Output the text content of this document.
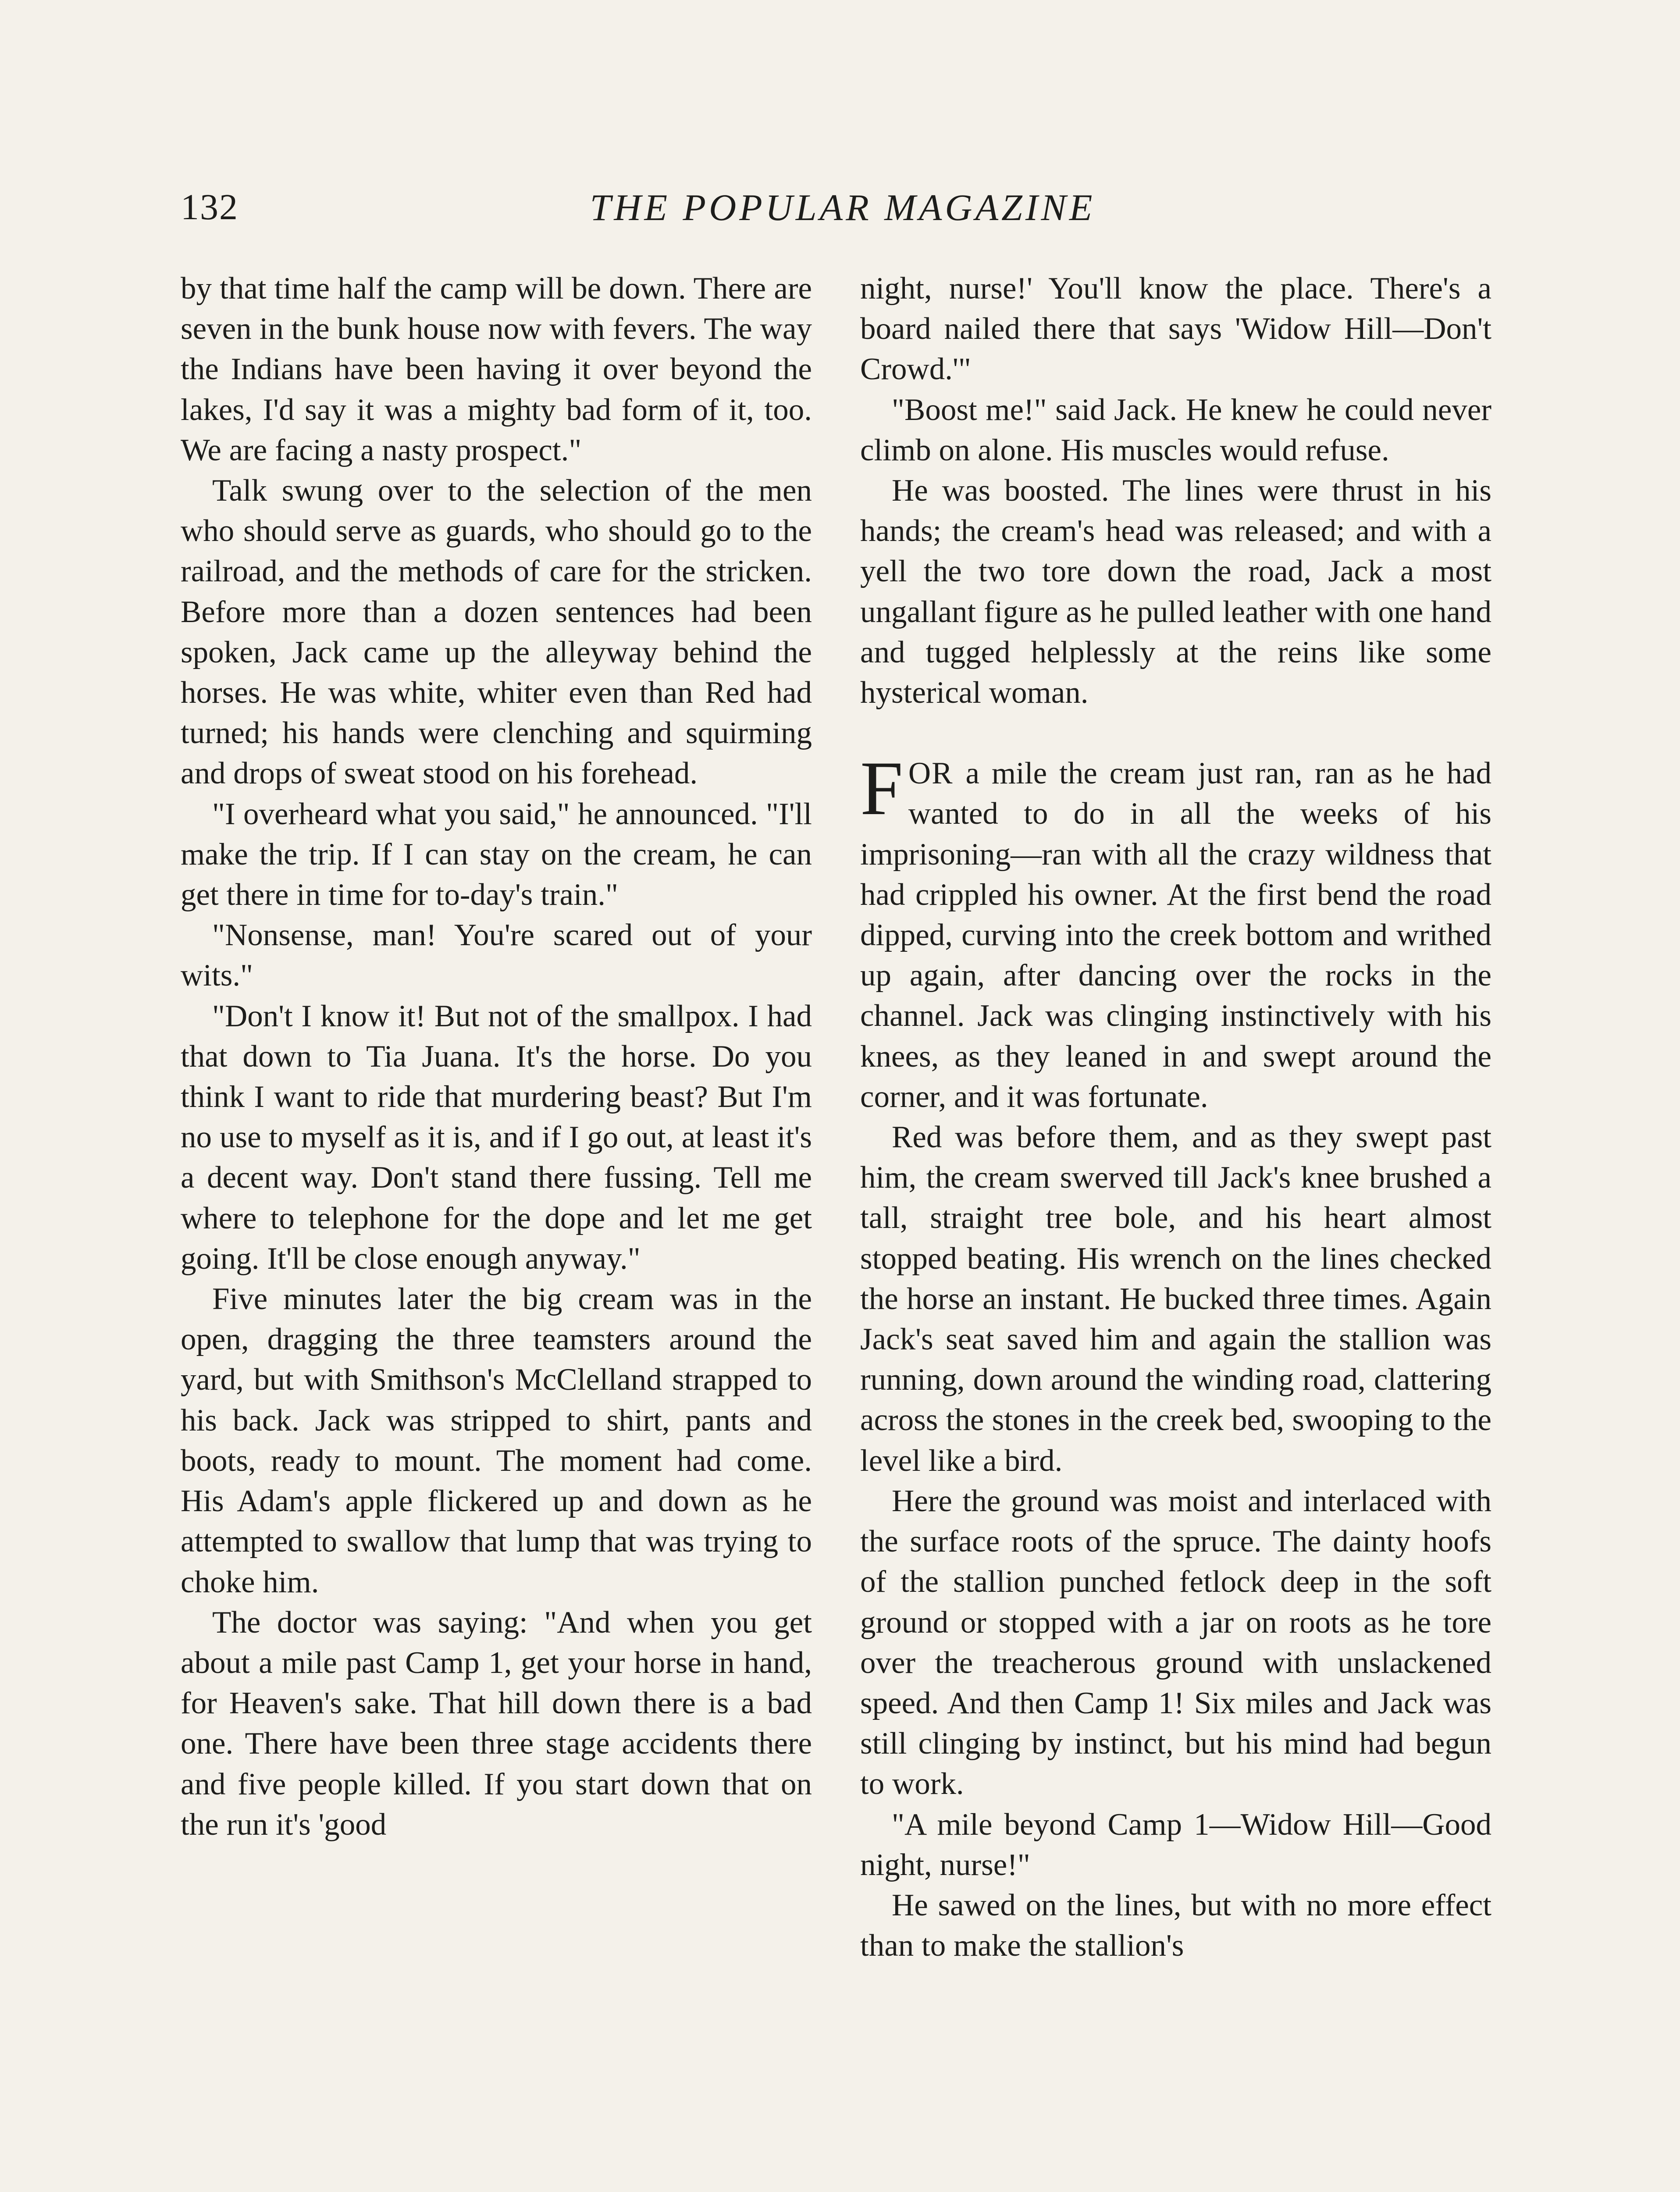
132	THE POPULAR MAGAZINE

by that time half the camp will be down. There are seven in the bunk house now with fevers. The way the Indians have been having it over beyond the lakes, I'd say it was a mighty bad form of it, too. We are facing a nasty prospect."

Talk swung over to the selection of the men who should serve as guards, who should go to the railroad, and the methods of care for the stricken. Before more than a dozen sentences had been spoken, Jack came up the alleyway behind the horses. He was white, whiter even than Red had turned; his hands were clenching and squirming and drops of sweat stood on his forehead.

"I overheard what you said," he announced. "I'll make the trip. If I can stay on the cream, he can get there in time for to-day's train."

"Nonsense, man! You're scared out of your wits."

"Don't I know it! But not of the smallpox. I had that down to Tia Juana. It's the horse. Do you think I want to ride that murdering beast? But I'm no use to myself as it is, and if I go out, at least it's a decent way. Don't stand there fussing. Tell me where to telephone for the dope and let me get going. It'll be close enough anyway."

Five minutes later the big cream was in the open, dragging the three teamsters around the yard, but with Smithson's McClelland strapped to his back. Jack was stripped to shirt, pants and boots, ready to mount. The moment had come. His Adam's apple flickered up and down as he attempted to swallow that lump that was trying to choke him.

The doctor was saying: "And when you get about a mile past Camp 1, get your horse in hand, for Heaven's sake. That hill down there is a bad one. There have been three stage accidents there and five people killed. If you start down that on the run it's 'good

night, nurse!' You'll know the place. There's a board nailed there that says 'Widow Hill—Don't Crowd.'"

"Boost me!" said Jack. He knew he could never climb on alone. His muscles would refuse.

He was boosted. The lines were thrust in his hands; the cream's head was released; and with a yell the two tore down the road, Jack a most ungallant figure as he pulled leather with one hand and tugged helplessly at the reins like some hysterical woman.

FOR a mile the cream just ran, ran as he had wanted to do in all the weeks of his imprisoning—ran with all the crazy wildness that had crippled his owner. At the first bend the road dipped, curving into the creek bottom and writhed up again, after dancing over the rocks in the channel. Jack was clinging instinctively with his knees, as they leaned in and swept around the corner, and it was fortunate.

Red was before them, and as they swept past him, the cream swerved till Jack's knee brushed a tall, straight tree bole, and his heart almost stopped beating. His wrench on the lines checked the horse an instant. He bucked three times. Again Jack's seat saved him and again the stallion was running, down around the winding road, clattering across the stones in the creek bed, swooping to the level like a bird.

Here the ground was moist and interlaced with the surface roots of the spruce. The dainty hoofs of the stallion punched fetlock deep in the soft ground or stopped with a jar on roots as he tore over the treacherous ground with unslackened speed. And then Camp 1! Six miles and Jack was still clinging by instinct, but his mind had begun to work.

"A mile beyond Camp 1—Widow Hill—Good night, nurse!"

He sawed on the lines, but with no more effect than to make the stallion's
